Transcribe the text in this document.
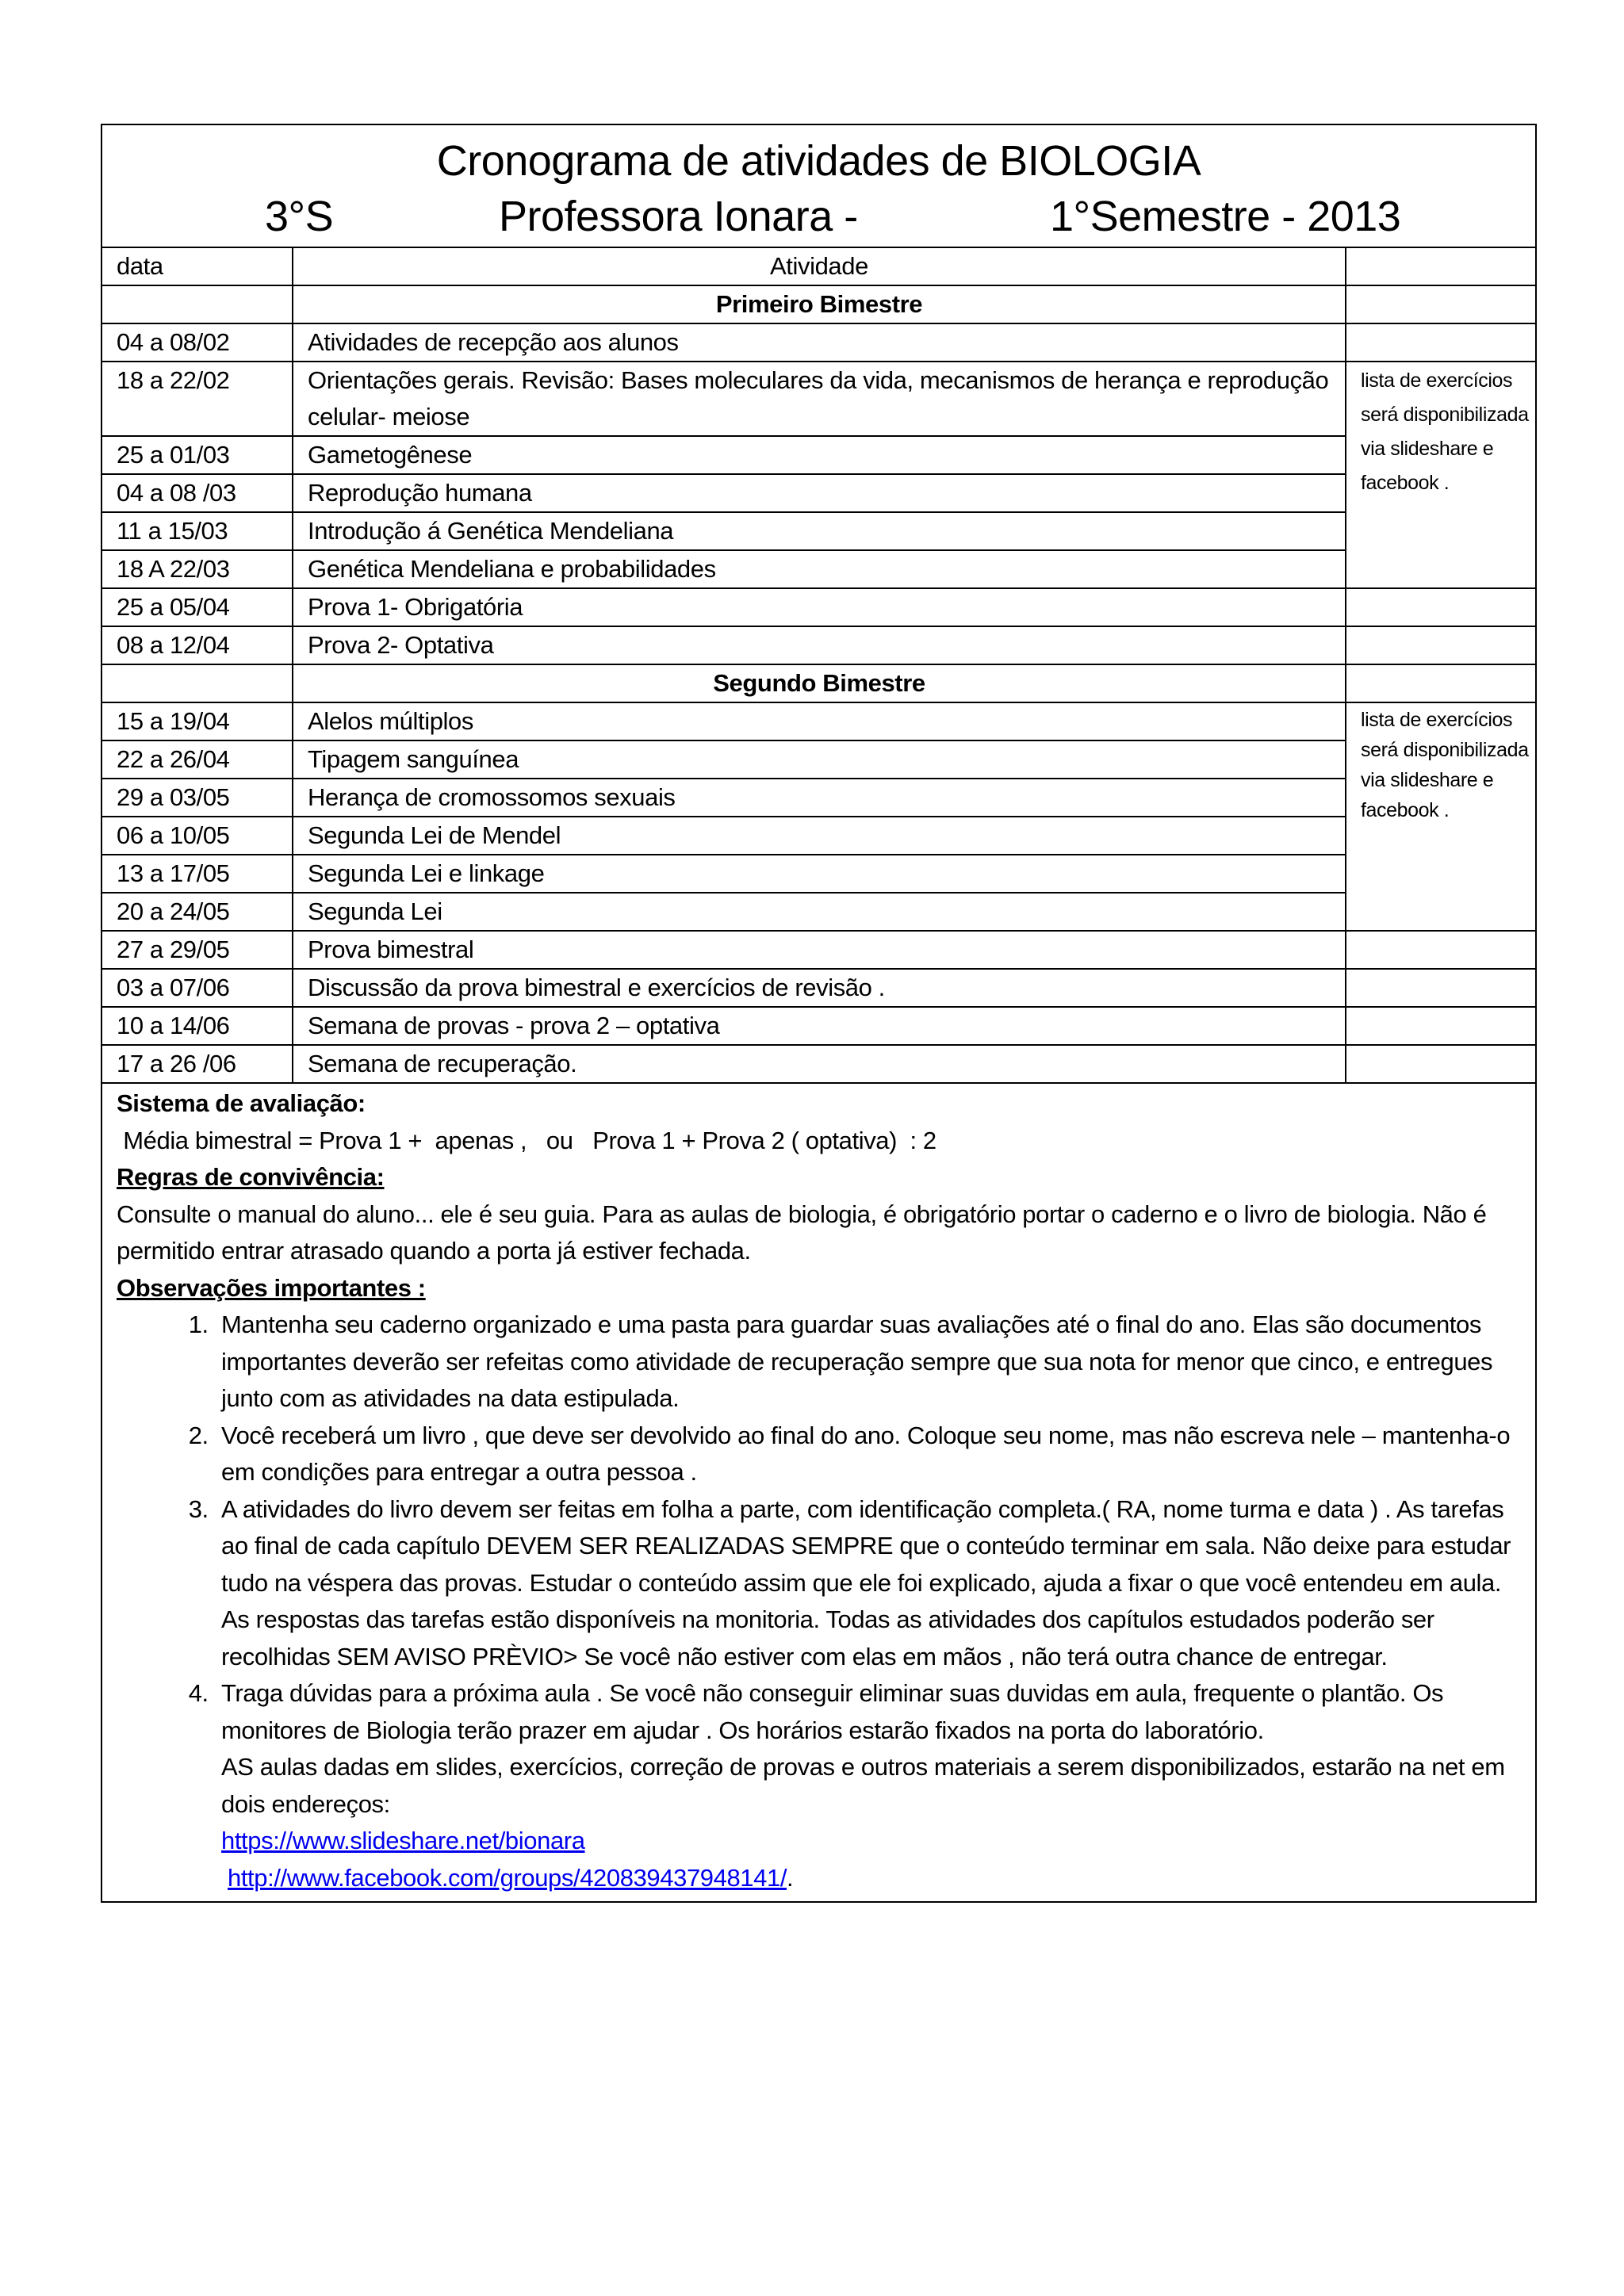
Cronograma de atividades de BIOLOGIA
3°S	Professora Ionara -	1°Semestre - 2013
data	Atividade	
	Primeiro Bimestre	
04 a 08/02	Atividades de recepção aos alunos	
18 a 22/02	Orientações gerais. Revisão: Bases moleculares da vida, mecanismos de herança e reprodução celular- meiose	lista de exercícios será disponibilizada via slideshare e facebook .
25 a 01/03	Gametogênese	
04 a 08 /03	Reprodução humana	
11 a 15/03	Introdução á Genética Mendeliana	
18 A 22/03	Genética Mendeliana e probabilidades	
25 a 05/04	Prova 1- Obrigatória	
08 a 12/04	Prova 2- Optativa	
	Segundo Bimestre	
15 a 19/04	Alelos múltiplos	lista de exercícios será disponibilizada via slideshare e facebook .
22 a 26/04	Tipagem sanguínea	
29 a 03/05	Herança de cromossomos sexuais	
06 a 10/05	Segunda Lei de Mendel	
13 a 17/05	Segunda Lei e linkage	
20 a 24/05	Segunda Lei	
27 a 29/05	Prova bimestral	
03 a 07/06	Discussão da prova bimestral e exercícios de revisão .	
10 a 14/06	Semana de provas - prova 2 – optativa	
17 a 26 /06	Semana de recuperação.	
Sistema de avaliação:
Média bimestral = Prova 1 +  apenas ,   ou   Prova 1 + Prova 2 ( optativa)  : 2
Regras de convivência:
Consulte o manual do aluno... ele é seu guia. Para as aulas de biologia, é obrigatório portar o caderno e o livro de biologia. Não é permitido entrar atrasado quando a porta já estiver fechada.
Observações importantes :
1. Mantenha seu caderno organizado e uma pasta para guardar suas avaliações até o final do ano. Elas são documentos importantes deverão ser refeitas como atividade de recuperação sempre que sua nota for menor que cinco, e entregues junto com as atividades na data estipulada.
2. Você receberá um livro , que deve ser devolvido ao final do ano. Coloque seu nome, mas não escreva nele – mantenha-o em condições para entregar a outra pessoa .
3. A atividades do livro devem ser feitas em folha a parte, com identificação completa.( RA, nome turma e data ) . As tarefas ao final de cada capítulo DEVEM SER REALIZADAS SEMPRE que o conteúdo terminar em sala. Não deixe para estudar tudo na véspera das provas. Estudar o conteúdo assim que ele foi explicado, ajuda a fixar o que você entendeu em aula. As respostas das tarefas estão disponíveis na monitoria. Todas as atividades dos capítulos estudados poderão ser recolhidas SEM AVISO PRÈVIO> Se você não estiver com elas em mãos , não terá outra chance de entregar.
4. Traga dúvidas para a próxima aula . Se você não conseguir eliminar suas duvidas em aula, frequente o plantão. Os monitores de Biologia terão prazer em ajudar . Os horários estarão fixados na porta do laboratório.
AS aulas dadas em slides, exercícios, correção de provas e outros materiais a serem disponibilizados, estarão na net em dois endereços:
https://www.slideshare.net/bionara
http://www.facebook.com/groups/420839437948141/.
